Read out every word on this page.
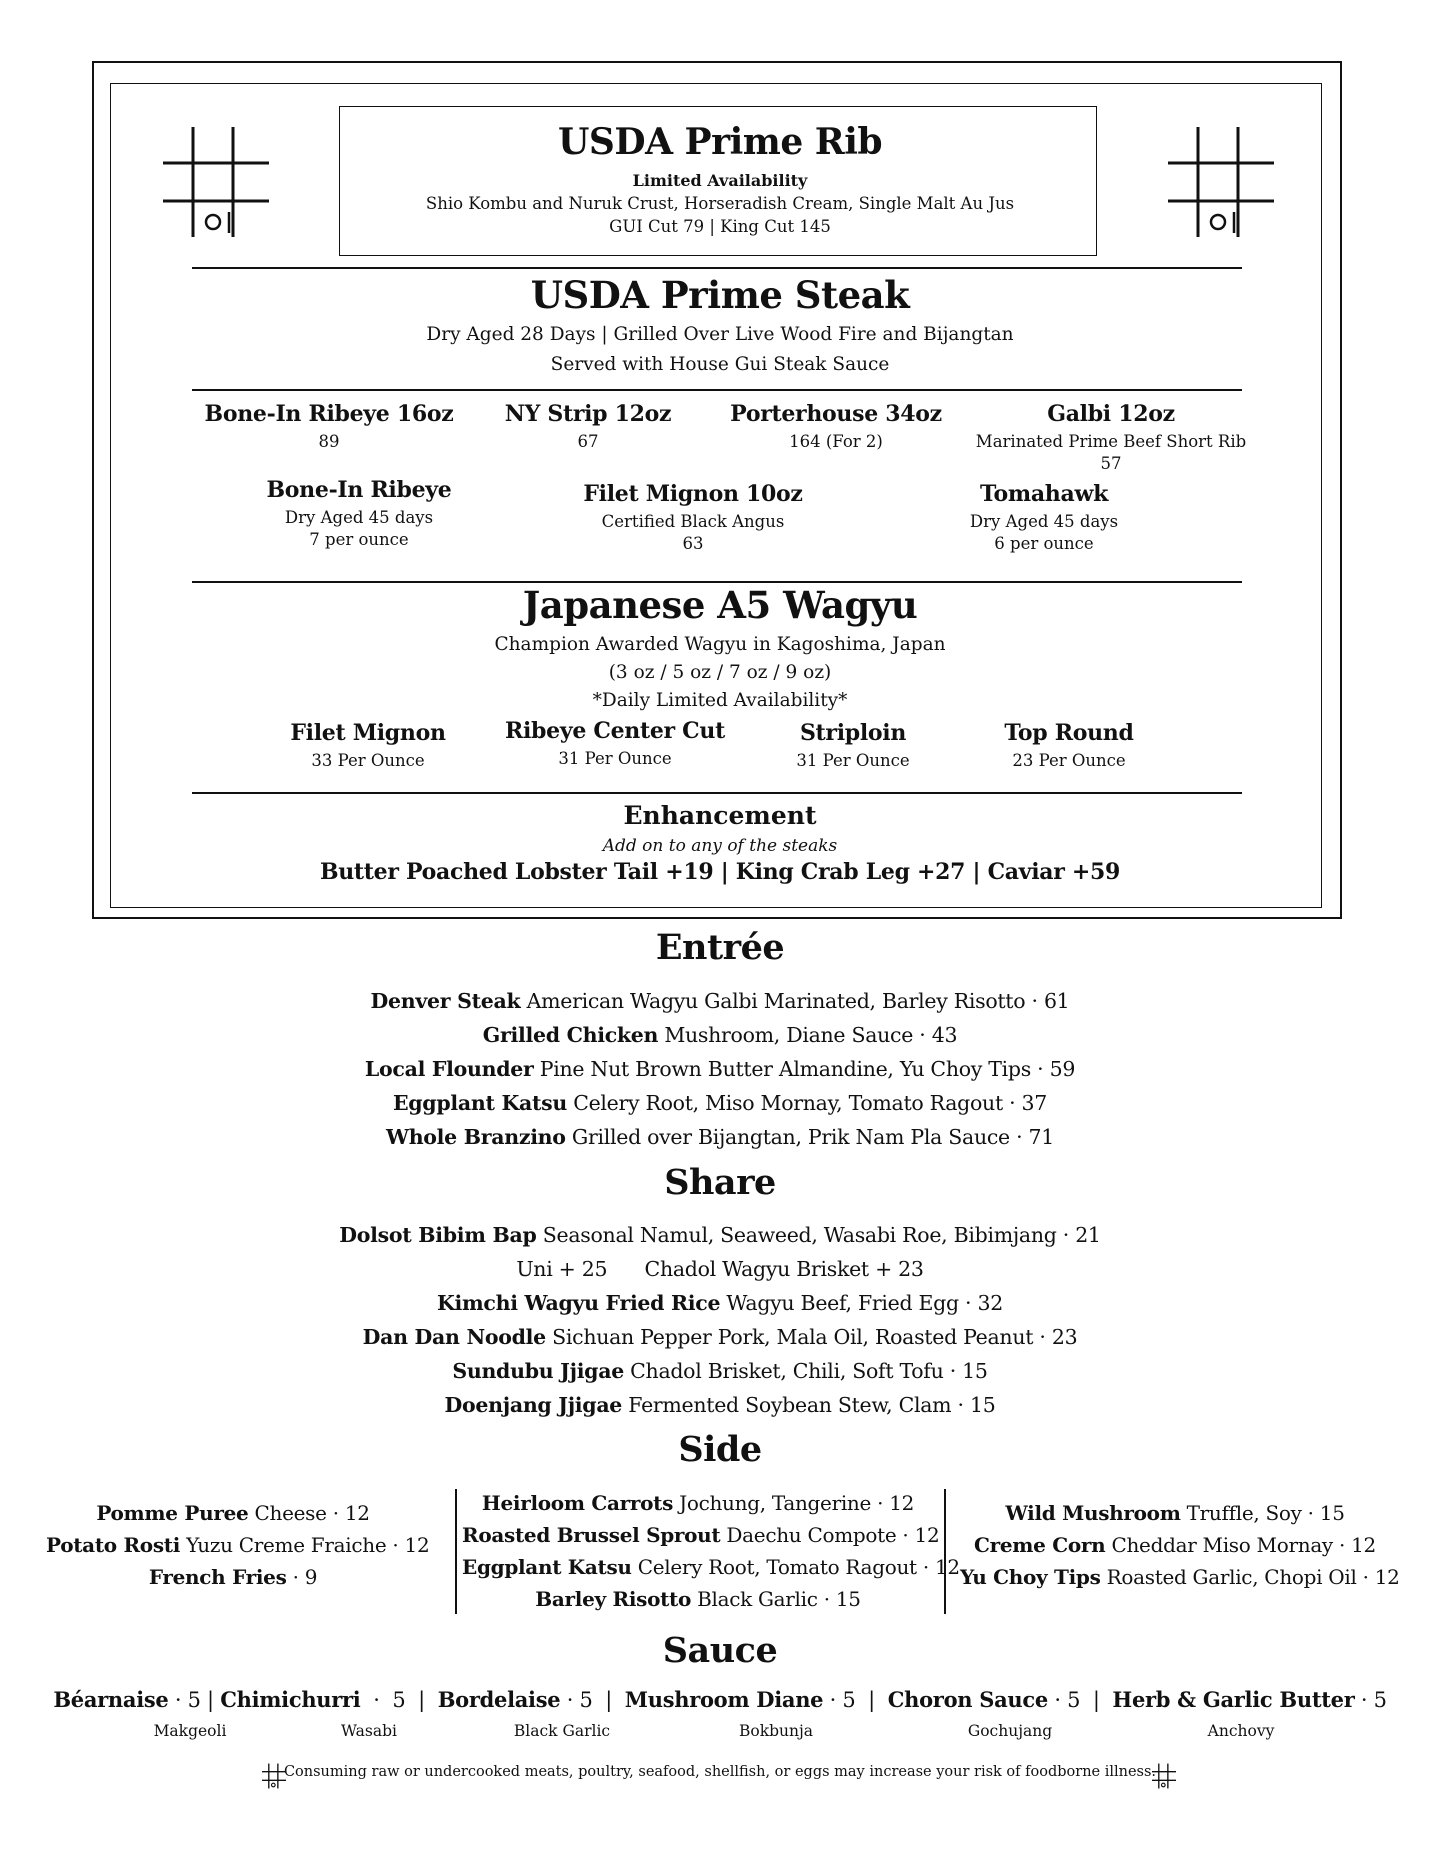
USDA Prime Rib
Limited Availability
Shio Kombu and Nuruk Crust, Horseradish Cream, Single Malt Au Jus
GUI Cut 79 | King Cut 145
USDA Prime Steak
Dry Aged 28 Days | Grilled Over Live Wood Fire and Bijangtan
Served with House Gui Steak Sauce
Bone-In Ribeye 16oz
89
NY Strip 12oz
67
Porterhouse 34oz
164 (For 2)
Galbi 12oz
Marinated Prime Beef Short Rib
57
Bone-In Ribeye
Dry Aged 45 days
7 per ounce
Filet Mignon 10oz
Certified Black Angus
63
Tomahawk
Dry Aged 45 days
6 per ounce
Japanese A5 Wagyu
Champion Awarded Wagyu in Kagoshima, Japan
(3 oz / 5 oz / 7 oz / 9 oz)
*Daily Limited Availability*
Filet Mignon
33 Per Ounce
Ribeye Center Cut
31 Per Ounce
Striploin
31 Per Ounce
Top Round
23 Per Ounce
Enhancement
Add on to any of the steaks
Butter Poached Lobster Tail +19 | King Crab Leg +27 | Caviar +59
Entrée
Denver Steak American Wagyu Galbi Marinated, Barley Risotto · 61
Grilled Chicken Mushroom, Diane Sauce · 43
Local Flounder Pine Nut Brown Butter Almandine, Yu Choy Tips · 59
Eggplant Katsu Celery Root, Miso Mornay, Tomato Ragout · 37
Whole Branzino Grilled over Bijangtan, Prik Nam Pla Sauce · 71
Share
Dolsot Bibim Bap Seasonal Namul, Seaweed, Wasabi Roe, Bibimjang · 21
Uni + 25      Chadol Wagyu Brisket + 23
Kimchi Wagyu Fried Rice Wagyu Beef, Fried Egg · 32
Dan Dan Noodle Sichuan Pepper Pork, Mala Oil, Roasted Peanut · 23
Sundubu Jjigae Chadol Brisket, Chili, Soft Tofu · 15
Doenjang Jjigae Fermented Soybean Stew, Clam · 15
Side
Pomme Puree Cheese · 12
Potato Rosti Yuzu Creme Fraiche · 12
French Fries · 9
Heirloom Carrots Jochung, Tangerine · 12
Roasted Brussel Sprout Daechu Compote · 12
Eggplant Katsu Celery Root, Tomato Ragout · 12
Barley Risotto Black Garlic · 15
Wild Mushroom Truffle, Soy · 15
Creme Corn Cheddar Miso Mornay · 12
Yu Choy Tips Roasted Garlic, Chopi Oil · 12
Sauce
Béarnaise · 5 | Chimichurri  ·  5  |  Bordelaise · 5  |  Mushroom Diane · 5  |  Choron Sauce · 5  |  Herb & Garlic Butter · 5
Makgeoli	Wasabi	Black Garlic	Bokbunja	Gochujang	Anchovy
Consuming raw or undercooked meats, poultry, seafood, shellfish, or eggs may increase your risk of foodborne illness.
